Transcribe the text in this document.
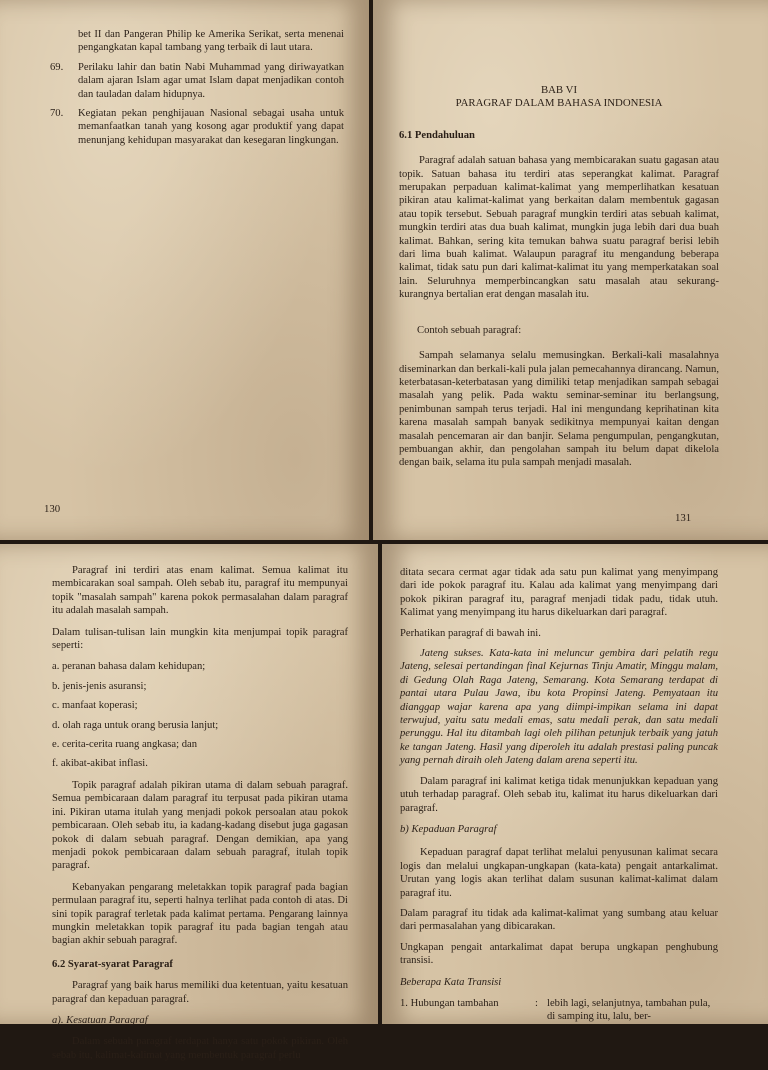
bet II dan Pangeran Philip ke Amerika Serikat, serta menenai pengangkatan kapal tambang yang terbaik di laut utara.

69. Perilaku lahir dan batin Nabi Muhammad yang diriwayatkan dalam ajaran Islam agar umat Islam dapat menjadikan contoh dan tauladan dalam hidupnya.

70. Kegiatan pekan penghijauan Nasional sebagai usaha untuk memanfaatkan tanah yang kosong agar produktif yang dapat menunjang kehidupan masyarakat dan kesegaran lingkungan.

130
BAB VI
PARAGRAF DALAM BAHASA INDONESIA
6.1 Pendahuluan

Paragraf adalah satuan bahasa yang membicarakan suatu gagasan atau topik. Satuan bahasa itu terdiri atas seperangkat kalimat. Paragraf merupakan perpaduan kalimat-kalimat yang memperlihatkan kesatuan pikiran atau kalimat-kalimat yang berkaitan dalam membentuk gagasan atau topik tersebut. Sebuah paragraf mungkin terdiri atas sebuah kalimat, mungkin terdiri atas dua buah kalimat, mungkin juga lebih dari dua buah kalimat. Bahkan, sering kita temukan bahwa suatu paragraf berisi lebih dari lima buah kalimat. Walaupun paragraf itu mengandung beberapa kalimat, tidak satu pun dari kalimat-kalimat itu yang memperkatakan soal lain. Seluruhnya memperbincangkan satu masalah atau sekurang-kurangnya bertalian erat dengan masalah itu.

Contoh sebuah paragraf:

Sampah selamanya selalu memusingkan. Berkali-kali masalahnya diseminarkan dan berkali-kali pula jalan pemecahannya dirancang. Namun, keterbatasan-keterbatasan yang dimiliki tetap menjadikan sampah sebagai masalah yang pelik. Pada waktu seminar-seminar itu berlangsung, penimbunan sampah terus terjadi. Hal ini mengundang keprihatinan kita karena masalah sampah banyak sedikitnya mempunyai kaitan dengan masalah pencemaran air dan banjir. Selama pengumpulan, pengangkutan, pembuangan akhir, dan pengolahan sampah itu belum dapat dikelola dengan baik, selama itu pula sampah menjadi masalah.

131

Paragraf ini terdiri atas enam kalimat. Semua kalimat itu membicarakan soal sampah. Oleh sebab itu, paragraf itu mempunyai topik "masalah sampah" karena pokok permasalahan dalam paragraf itu adalah masalah sampah.

Dalam tulisan-tulisan lain mungkin kita menjumpai topik paragraf seperti:

a. peranan bahasa dalam kehidupan;
b. jenis-jenis asuransi;
c. manfaat koperasi;
d. olah raga untuk orang berusia lanjut;
e. cerita-cerita ruang angkasa; dan
f. akibat-akibat inflasi.

Topik paragraf adalah pikiran utama di dalam sebuah paragraf. Semua pembicaraan dalam paragraf itu terpusat pada pikiran utama ini. Pikiran utama itulah yang menjadi pokok persoalan atau pokok pembicaraan. Oleh sebab itu, ia kadang-kadang disebut juga gagasan pokok di dalam sebuah paragraf. Dengan demikian, apa yang menjadi pokok pembicaraan dalam sebuah paragraf, itulah topik paragraf.

Kebanyakan pengarang meletakkan topik paragraf pada bagian permulaan paragraf itu, seperti halnya terlihat pada contoh di atas. Di sini topik paragraf terletak pada kalimat pertama. Pengarang lainnya mungkin meletakkan topik paragraf itu pada bagian tengah atau bagian akhir sebuah paragraf.

6.2 Syarat-syarat Paragraf

Paragraf yang baik harus memiliki dua ketentuan, yaitu kesatuan paragraf dan kepaduan paragraf.

a). Kesatuan Paragraf

Dalam sebuah paragraf terdapat hanya satu pokok pikiran. Oleh sebab itu, kalimat-kalimat yang membentuk paragraf perlu

ditata secara cermat agar tidak ada satu pun kalimat yang menyimpang dari ide pokok paragraf itu. Kalau ada kalimat yang menyimpang dari pokok pikiran paragraf itu, paragraf menjadi tidak padu, tidak utuh. Kalimat yang menyimpang itu harus dikeluarkan dari paragraf.

Perhatikan paragraf di bawah ini.

Jateng sukses. Kata-kata ini meluncur gembira dari pelatih regu Jateng, selesai pertandingan final Kejurnas Tinju Amatir, Minggu malam, di Gedung Olah Raga Jateng, Semarang. Kota Semarang terdapat di pantai utara Pulau Jawa, ibu kota Propinsi Jateng. Pemyataan itu dianggap wajar karena apa yang diimpi-impikan selama ini dapat terwujud, yaitu satu medali emas, satu medali perak, dan satu medali perunggu. Hal itu ditambah lagi oleh pilihan petunjuk terbaik yang jatuh ke tangan Jateng. Hasil yang diperoleh itu adalah prestasi paling puncak yang pernah diraih oleh Jateng dalam arena seperti itu.

Dalam paragraf ini kalimat ketiga tidak menunjukkan kepaduan yang utuh terhadap paragraf. Oleh sebab itu, kalimat itu harus dikeluarkan dari paragraf.

b) Kepaduan Paragraf

Kepaduan paragraf dapat terlihat melalui penyusunan kalimat secara logis dan melalui ungkapan-ungkapan (kata-kata) pengait antarkalimat. Urutan yang logis akan terlihat dalam susunan kalimat-kalimat dalam paragraf itu.

Dalam paragraf itu tidak ada kalimat-kalimat yang sumbang atau keluar dari permasalahan yang dibicarakan.

Ungkapan pengait antarkalimat dapat berupa ungkapan penghubung transisi.

Beberapa Kata Transisi

1. Hubungan tambahan	: lebih lagi, selanjutnya, tambahan pula, di samping itu, lalu, ber-
